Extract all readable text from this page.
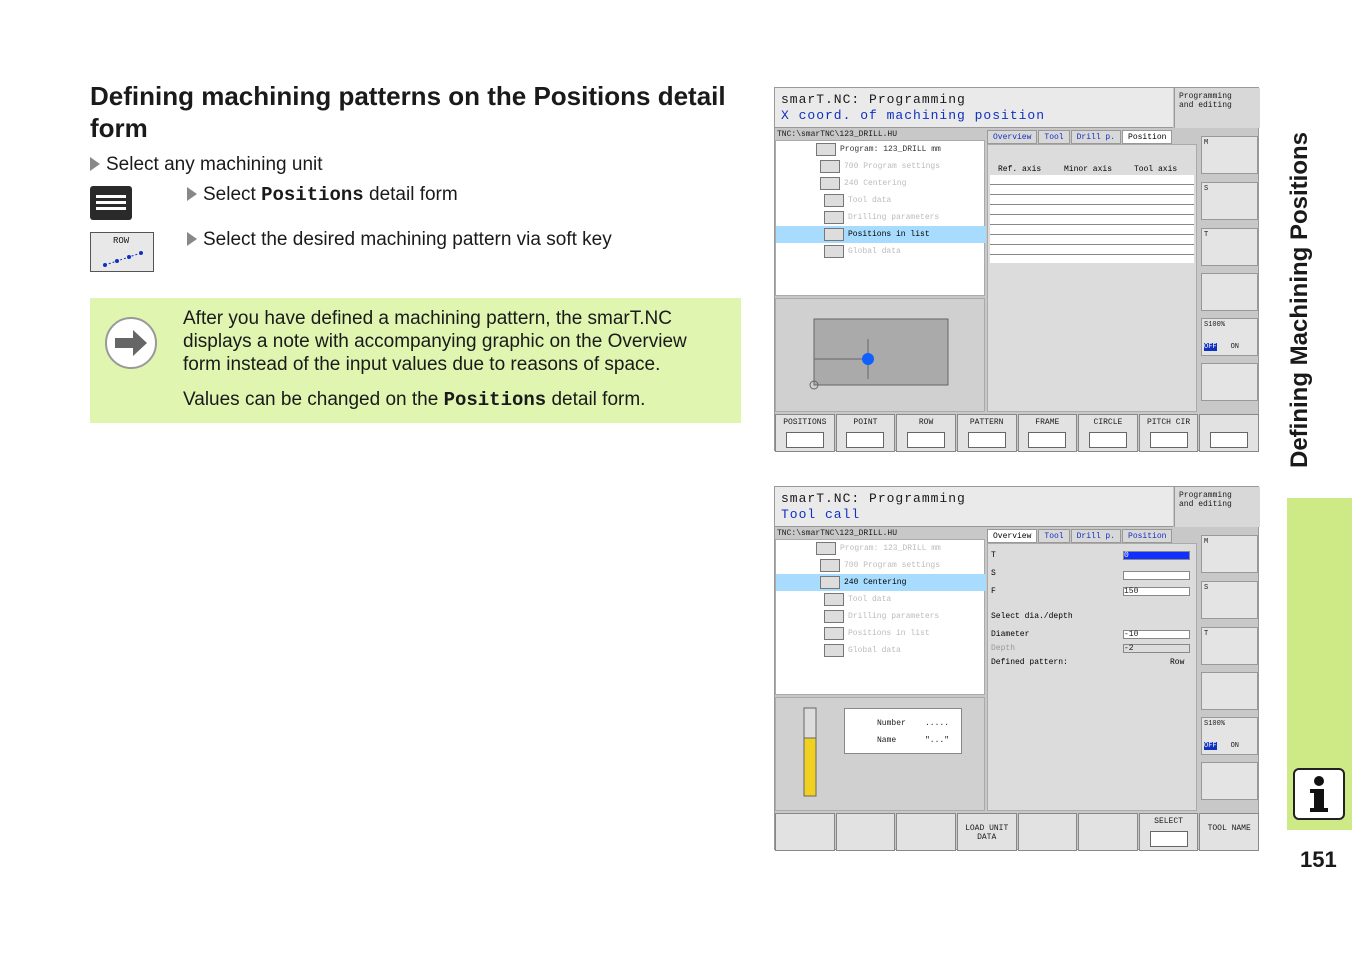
Defining machining patterns on the Positions detail form
Select any machining unit
Select Positions detail form
ROW	Select the desired machining pattern via soft key

After you have defined a machining pattern, the smarT.NC displays a note with accompanying graphic on the Overview form instead of the input values due to reasons of space.

Values can be changed on the Positions detail form.

smarT.NC: Programming
X coord. of machining position
Programming
and editing
TNC:\smarTNC\123_DRILL.HU
Program: 123_DRILL mm
700 Program settings
240 Centering
Tool data
Drilling parameters
Positions in list
Global data
Overview	Tool	Drill p.	Position
Ref. axis	Minor axis	Tool axis
M
S
T
S100%
OFF ON
POSITIONS	POINT	ROW	PATTERN	FRAME	CIRCLE	PITCH CIR
smarT.NC: Programming
Tool call
Programming
and editing
TNC:\smarTNC\123_DRILL.HU
Program: 123_DRILL mm
700 Program settings
240 Centering
Tool data
Drilling parameters
Positions in list
Global data
Number .....
Name	"..."
Overview	Tool	Drill p.	Position
T	0
S
F	150
Select dia./depth
Diameter	-10
Depth	-2
Defined pattern:	Row
M
S
T
S100%
OFF ON
LOAD UNIT DATA
SELECT
TOOL NAME
Defining Machining Positions
151
